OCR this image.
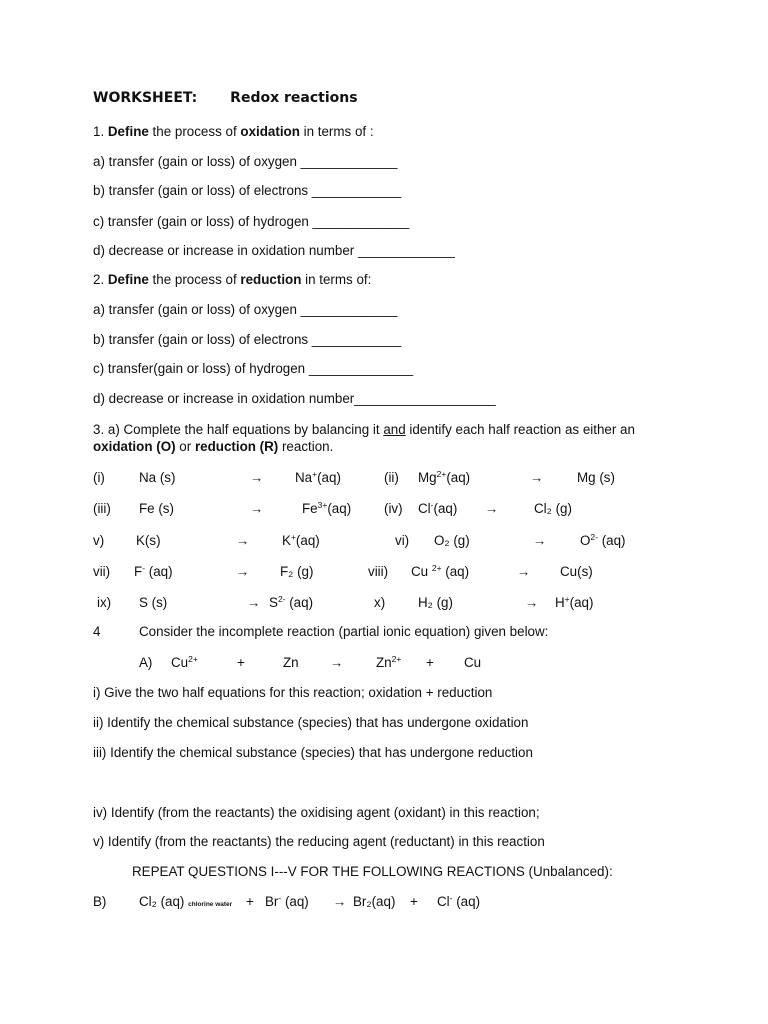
WORKSHEET: Redox reactions
1. Define the process of oxidation in terms of :
a) transfer (gain or loss) of oxygen _____________
b) transfer (gain or loss) of electrons ____________
c) transfer (gain or loss) of hydrogen _____________
d) decrease or increase in oxidation number _____________
2. Define the process of reduction in terms of:
a) transfer (gain or loss) of oxygen _____________
b) transfer (gain or loss) of electrons ____________
c) transfer(gain or loss) of hydrogen ______________
d) decrease or increase in oxidation number___________________
3. a) Complete the half equations by balancing it and identify each half reaction as either an
oxidation (O) or reduction (R) reaction.
(i)	Na (s)	→ Na+(aq)	(ii) $Mg^{2+}(aq)$	→	Mg (s)
(iii) Fe (s)	→	$Fe^{3+}(aq)$ (iv) Cl-(aq) →	Cl₂ (g)
v) K(s)	→ K+(aq)	vi) O₂ (g)	→	$O^{2-}$ (aq)
vii) F- (aq)	→ F₂ (g)	viii) Cu $^{2+}$ (aq)	→ Cu(s)
ix) S (s)	→ $S^{2-}$ (aq)	x) H₂ (g)	→ H+(aq)
4	Consider the incomplete reaction (partial ionic equation) given below:
A) $Cu^{2+}$	+	$Zn \to Zn^{2+} + Cu$
i) Give the two half equations for this reaction; oxidation + reduction
ii) Identify the chemical substance (species) that has undergone oxidation
iii) Identify the chemical substance (species) that has undergone reduction
iv) Identify (from the reactants) the oxidising agent (oxidant) in this reaction;
v) Identify (from the reactants) the reducing agent (reductant) in this reaction
REPEAT QUESTIONS I---V FOR THE FOLLOWING REACTIONS (Unbalanced):
B) Cl₂ (aq) chlorine water + Br- (aq) → Br₂(aq) + Cl- (aq)
